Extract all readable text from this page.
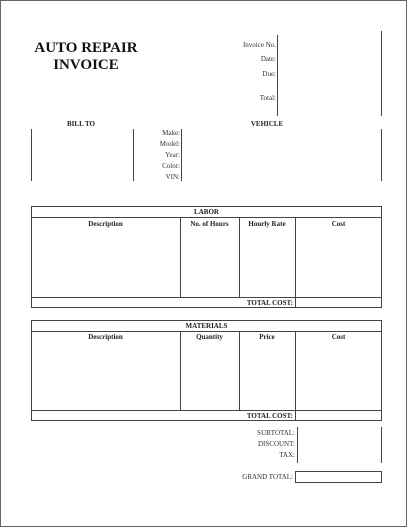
AUTO REPAIR
INVOICE
Invoice No.
Date:
Due:
Total:
BILL TO	VEHICLE
Make:
Model:
Year:
Color:
VIN:
LABOR
Description	No. of Hours	Hourly Rate	Cost
TOTAL COST:
MATERIALS
Description	Quantity	Price	Cost
TOTAL COST:
SUBTOTAL:
DISCOUNT:
TAX:
GRAND TOTAL:
